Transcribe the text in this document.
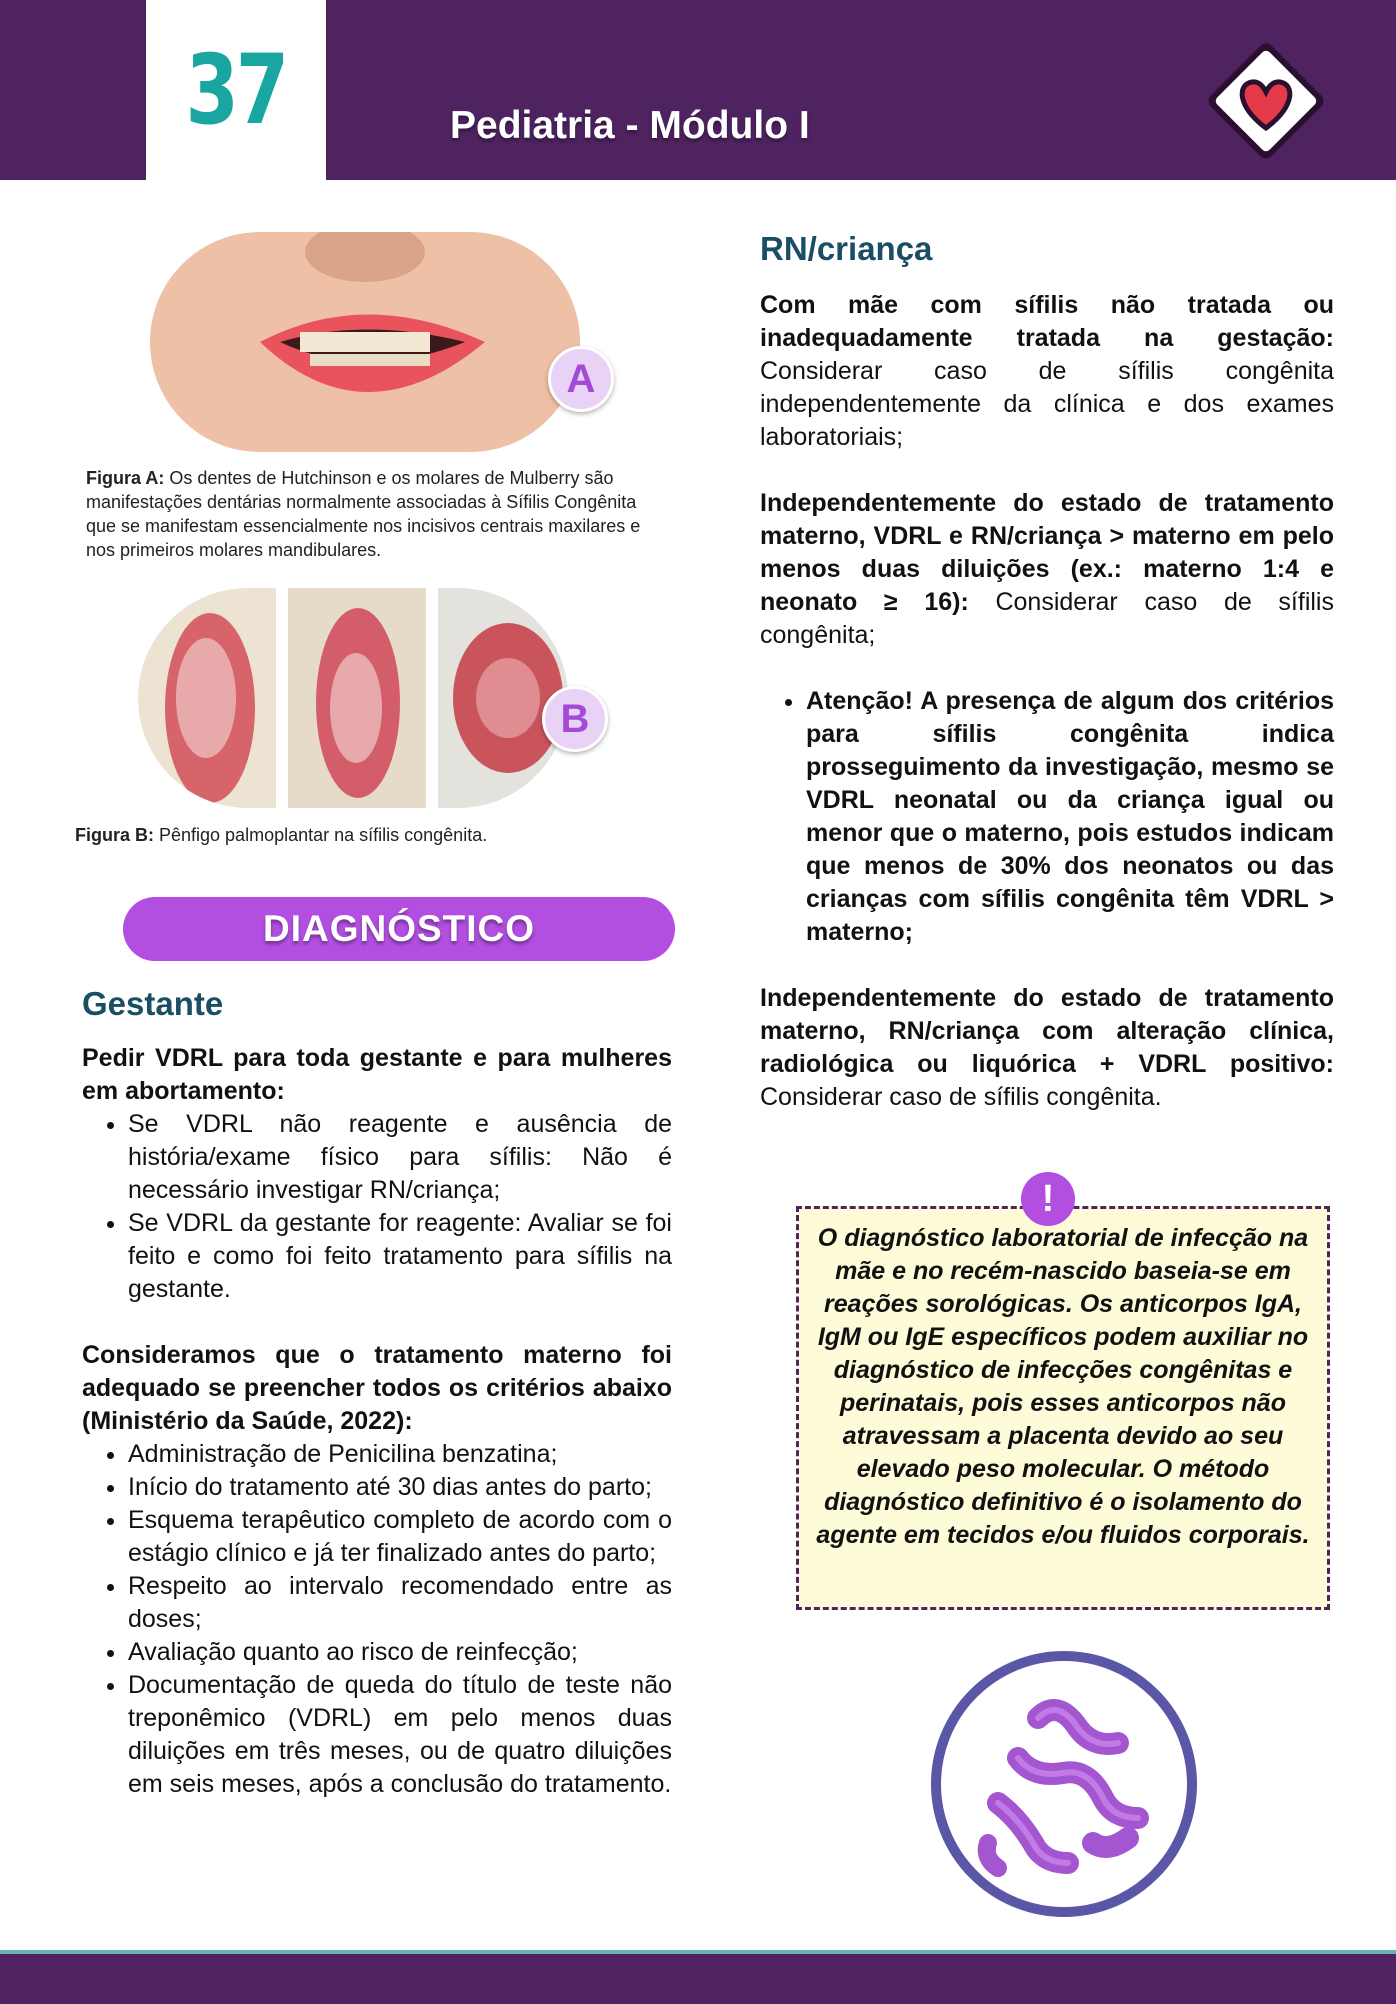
37	Pediatria - Módulo I
A
Figura A: Os dentes de Hutchinson e os molares de Mulberry são manifestações dentárias normalmente associadas à Sífilis Congênita que se manifestam essencialmente nos incisivos centrais maxilares e nos primeiros molares mandibulares.
B
Figura B: Pênfigo palmoplantar na sífilis congênita.
DIAGNÓSTICO
Gestante
Pedir VDRL para toda gestante e para mulheres em abortamento:
• Se VDRL não reagente e ausência de história/exame físico para sífilis: Não é necessário investigar RN/criança;
• Se VDRL da gestante for reagente: Avaliar se foi feito e como foi feito tratamento para sífilis na gestante.
Consideramos que o tratamento materno foi adequado se preencher todos os critérios abaixo (Ministério da Saúde, 2022):
• Administração de Penicilina benzatina;
• Início do tratamento até 30 dias antes do parto;
• Esquema terapêutico completo de acordo com o estágio clínico e já ter finalizado antes do parto;
• Respeito ao intervalo recomendado entre as doses;
• Avaliação quanto ao risco de reinfecção;
• Documentação de queda do título de teste não treponêmico (VDRL) em pelo menos duas diluições em três meses, ou de quatro diluições em seis meses, após a conclusão do tratamento.
RN/criança
Com mãe com sífilis não tratada ou inadequadamente tratada na gestação: Considerar caso de sífilis congênita independentemente da clínica e dos exames laboratoriais;
Independentemente do estado de tratamento materno, VDRL e RN/criança > materno em pelo menos duas diluições (ex.: materno 1:4 e neonato ≥ 16): Considerar caso de sífilis congênita;
• Atenção! A presença de algum dos critérios para sífilis congênita indica prosseguimento da investigação, mesmo se VDRL neonatal ou da criança igual ou menor que o materno, pois estudos indicam que menos de 30% dos neonatos ou das crianças com sífilis congênita têm VDRL > materno;
Independentemente do estado de tratamento materno, RN/criança com alteração clínica, radiológica ou liquórica + VDRL positivo: Considerar caso de sífilis congênita.
!
O diagnóstico laboratorial de infecção na mãe e no recém-nascido baseia-se em reações sorológicas. Os anticorpos IgA, IgM ou IgE específicos podem auxiliar no diagnóstico de infecções congênitas e perinatais, pois esses anticorpos não atravessam a placenta devido ao seu elevado peso molecular. O método diagnóstico definitivo é o isolamento do agente em tecidos e/ou fluidos corporais.
